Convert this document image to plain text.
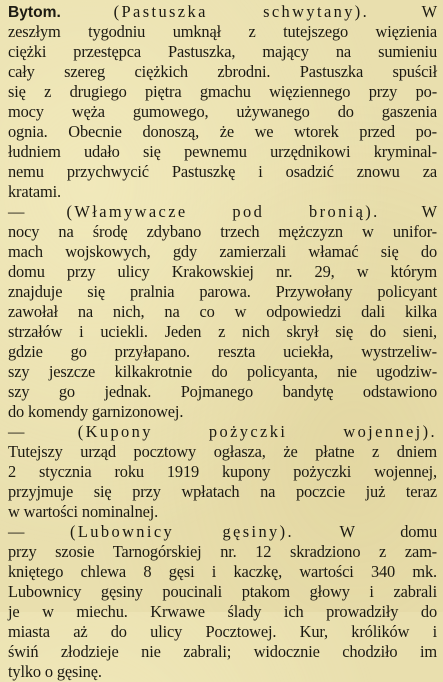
Bytom.	(Pastuszka schwytany). W
zeszłym tygodniu umknął z tutejszego więzienia
ciężki przestępca Pastuszka, mający na sumieniu
cały szereg ciężkich zbrodni. Pastuszka spuścił
się z drugiego piętra gmachu więziennego przy po-
mocy węża gumowego, używanego do gaszenia
ognia. Obecnie donoszą, że we wtorek przed po-
łudniem udało się pewnemu urzędnikowi kryminal-
nemu przychwycić Pastuszkę i osadzić znowu za
kratami.
— (Włamywacze pod bronią). W
nocy na środę zdybano trzech mężczyzn w unifor-
mach wojskowych, gdy zamierzali włamać się do
domu przy ulicy Krakowskiej nr. 29, w którym
znajduje się pralnia parowa. Przywołany policyant
zawołał na nich, na co w odpowiedzi dali kilka
strzałów i uciekli. Jeden z nich skrył się do sieni,
gdzie go przyłapano. reszta uciekła, wystrzeliw-
szy jeszcze kilkakrotnie do policyanta, nie ugodziw-
szy go jednak. Pojmanego bandytę odstawiono
do komendy garnizonowej.
— (Kupony pożyczki wojennej).
Tutejszy urząd pocztowy ogłasza, że płatne z dniem
2 stycznia roku 1919 kupony pożyczki wojennej,
przyjmuje się przy wpłatach na poczcie już teraz
w wartości nominalnej.
— (Lubownicy gęsiny). W domu
przy szosie Tarnogórskiej nr. 12 skradziono z zam-
kniętego chlewa 8 gęsi i kaczkę, wartości 340 mk.
Lubownicy gęsiny poucinali ptakom głowy i zabrali
je w miechu. Krwawe ślady ich prowadziły do
miasta aż do ulicy Pocztowej. Kur, królików i
świń złodzieje nie zabrali; widocznie chodziło im
tylko o gęsinę.
